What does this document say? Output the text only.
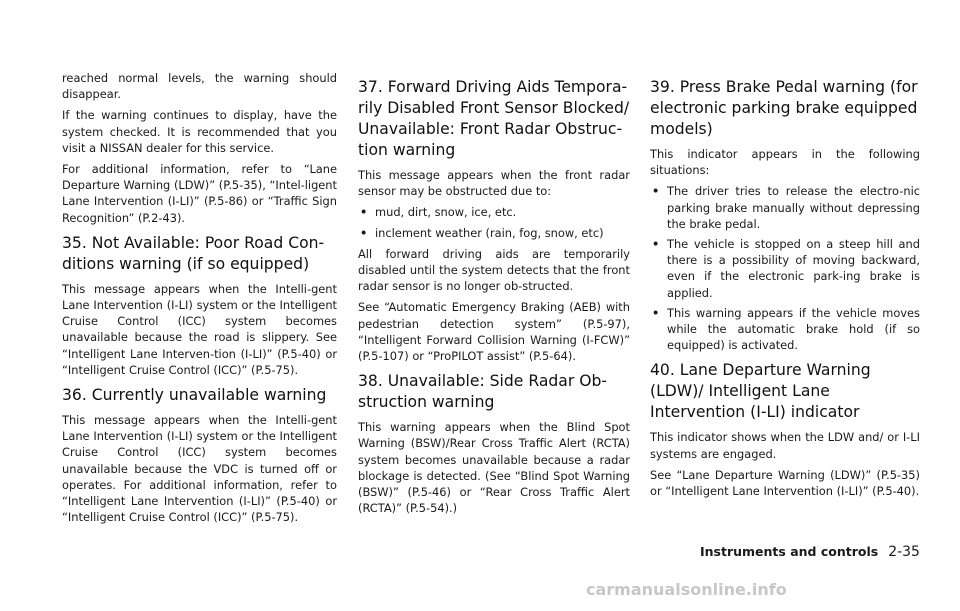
reached normal levels, the warning should disappear.

If the warning continues to display, have the system checked. It is recommended that you visit a NISSAN dealer for this service.

For additional information, refer to “Lane Departure Warning (LDW)” (P.5-35), “Intel-ligent Lane Intervention (I-LI)” (P.5-86) or “Traffic Sign Recognition” (P.2-43).

35. Not Available: Poor Road Con-ditions warning (if so equipped)

This message appears when the Intelli-gent Lane Intervention (I-LI) system or the Intelligent Cruise Control (ICC) system becomes unavailable because the road is slippery. See “Intelligent Lane Interven-tion (I-LI)” (P.5-40) or “Intelligent Cruise Control (ICC)” (P.5-75).

36. Currently unavailable warning

This message appears when the Intelli-gent Lane Intervention (I-LI) system or the Intelligent Cruise Control (ICC) system becomes unavailable because the VDC is turned off or operates. For additional information, refer to “Intelligent Lane Intervention (I-LI)” (P.5-40) or “Intelligent Cruise Control (ICC)” (P.5-75).

37. Forward Driving Aids Tempora-rily Disabled Front Sensor Blocked/ Unavailable: Front Radar Obstruc-tion warning

This message appears when the front radar sensor may be obstructed due to:

• mud, dirt, snow, ice, etc.
• inclement weather (rain, fog, snow, etc)

All forward driving aids are temporarily disabled until the system detects that the front radar sensor is no longer ob-structed.

See “Automatic Emergency Braking (AEB) with pedestrian detection system” (P.5-97), “Intelligent Forward Collision Warning (I-FCW)” (P.5-107) or “ProPILOT assist” (P.5-64).

38. Unavailable: Side Radar Ob-struction warning

This warning appears when the Blind Spot Warning (BSW)/Rear Cross Traffic Alert (RCTA) system becomes unavailable because a radar blockage is detected. (See “Blind Spot Warning (BSW)” (P.5-46) or “Rear Cross Traffic Alert (RCTA)” (P.5-54).)

39. Press Brake Pedal warning (for electronic parking brake equipped models)

This indicator appears in the following situations:

• The driver tries to release the electro-nic parking brake manually without depressing the brake pedal.
• The vehicle is stopped on a steep hill and there is a possibility of moving backward, even if the electronic park-ing brake is applied.
• This warning appears if the vehicle moves while the automatic brake hold (if so equipped) is activated.
40. Lane Departure Warning (LDW)/ Intelligent Lane Intervention (I-LI) indicator

This indicator shows when the LDW and/ or I-LI systems are engaged.

See “Lane Departure Warning (LDW)” (P.5-35) or “Intelligent Lane Intervention (I-LI)” (P.5-40).

Instruments and controls 2-35
carmanualsonline.info
